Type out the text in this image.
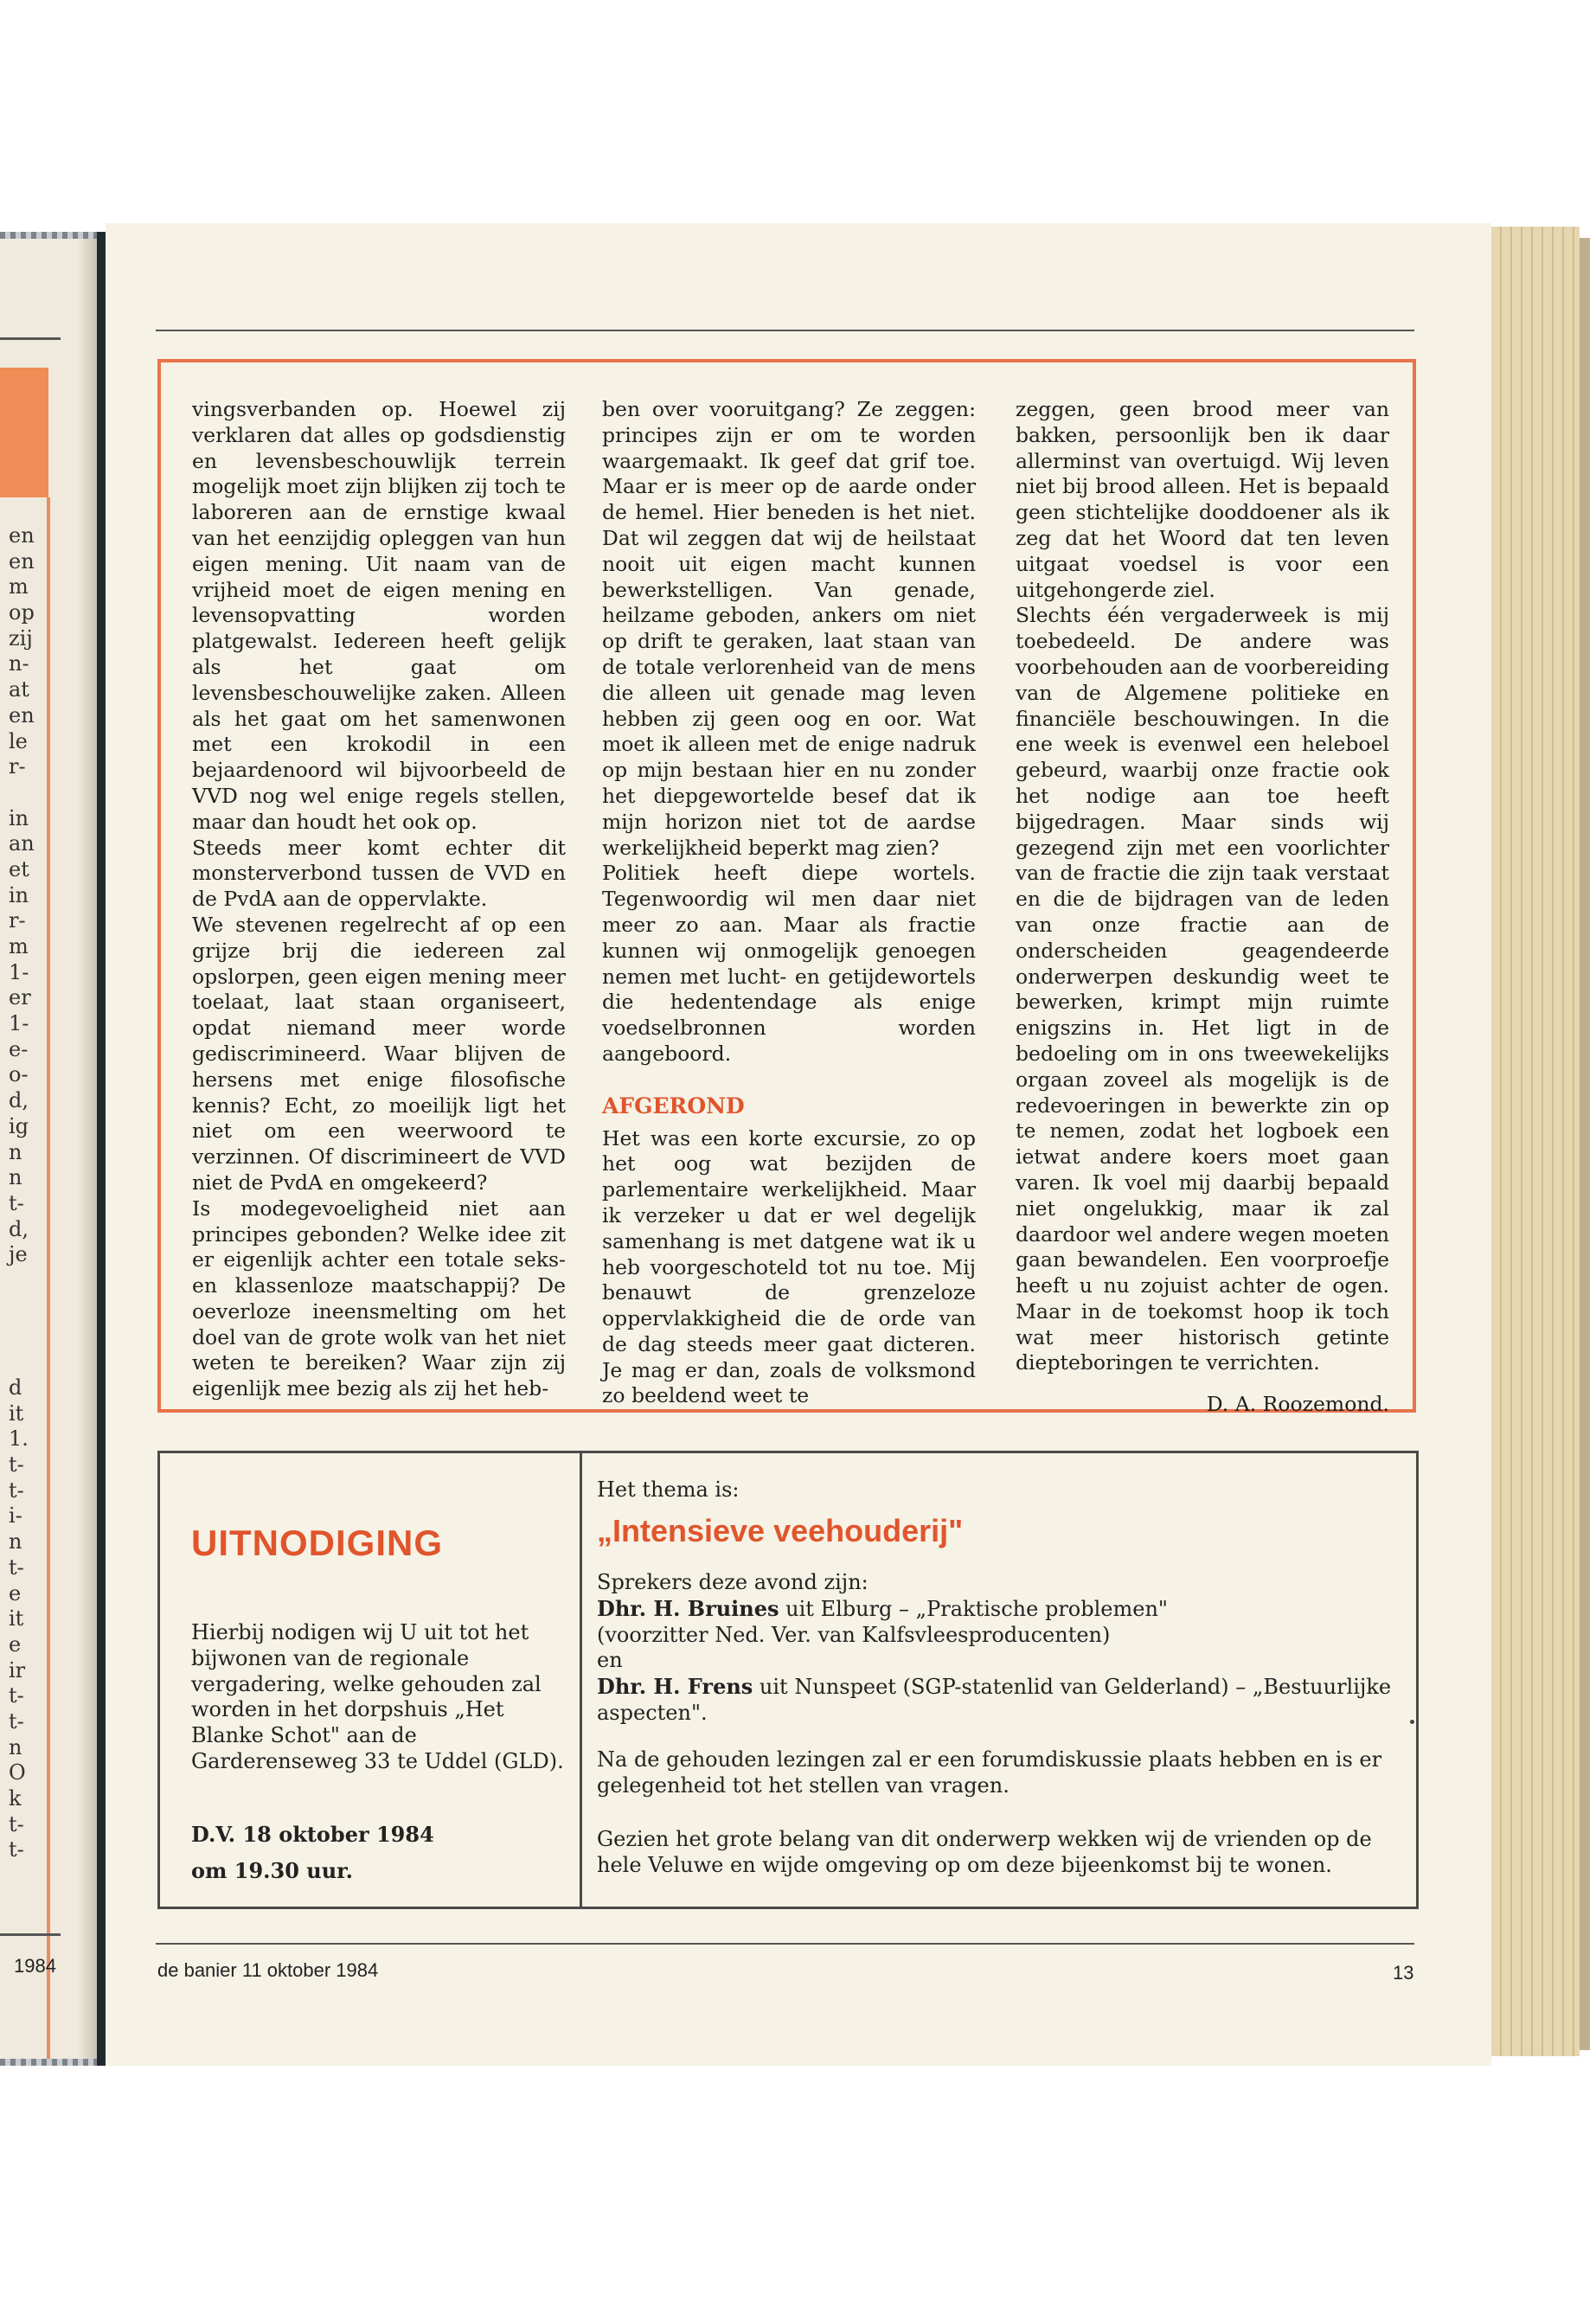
en
en
m
op
zij
n-
at
en
le
r-
in
an
et
in
r-
m
1-
er
1-
e-
o-
d,
ig
n
n
t-
d,
je
d
it
1.
t-
t-
i-
n
t-
e
it
e
ir
t-
t-
n
O
k
t-
t-
1984

vingsverbanden op. Hoewel zij verklaren dat alles op godsdienstig en levensbeschouwlijk terrein mogelijk moet zijn blijken zij toch te laboreren aan de ernstige kwaal van het eenzijdig opleggen van hun eigen mening. Uit naam van de vrijheid moet de eigen mening en levensopvatting worden platgewalst. Iedereen heeft gelijk als het gaat om levensbeschouwelijke zaken. Alleen als het gaat om het samenwonen met een krokodil in een bejaardenoord wil bijvoorbeeld de VVD nog wel enige regels stellen, maar dan houdt het ook op.

Steeds meer komt echter dit monsterverbond tussen de VVD en de PvdA aan de oppervlakte.

We stevenen regelrecht af op een grijze brij die iedereen zal opslorpen, geen eigen mening meer toelaat, laat staan organiseert, opdat niemand meer worde gediscrimineerd. Waar blijven de hersens met enige filosofische kennis? Echt, zo moeilijk ligt het niet om een weerwoord te verzinnen. Of discrimineert de VVD niet de PvdA en omgekeerd?

Is modegevoeligheid niet aan principes gebonden? Welke idee zit er eigenlijk achter een totale seks- en klassenloze maatschappij? De oeverloze ineensmelting om het doel van de grote wolk van het niet weten te bereiken? Waar zijn zij eigenlijk mee bezig als zij het heb-

ben over vooruitgang? Ze zeggen: principes zijn er om te worden waargemaakt. Ik geef dat grif toe. Maar er is meer op de aarde onder de hemel. Hier beneden is het niet. Dat wil zeggen dat wij de heilstaat nooit uit eigen macht kunnen bewerkstelligen. Van genade, heilzame geboden, ankers om niet op drift te geraken, laat staan van de totale verlorenheid van de mens die alleen uit genade mag leven hebben zij geen oog en oor. Wat moet ik alleen met de enige nadruk op mijn bestaan hier en nu zonder het diepgewortelde besef dat ik mijn horizon niet tot de aardse werkelijkheid beperkt mag zien?

Politiek heeft diepe wortels. Tegenwoordig wil men daar niet meer zo aan. Maar als fractie kunnen wij onmogelijk genoegen nemen met lucht- en getijdewortels die hedentendage als enige voedselbronnen worden aangeboord.

AFGEROND

Het was een korte excursie, zo op het oog wat bezijden de parlementaire werkelijkheid. Maar ik verzeker u dat er wel degelijk samenhang is met datgene wat ik u heb voorgeschoteld tot nu toe. Mij benauwt de grenzeloze oppervlakkigheid die de orde van de dag steeds meer gaat dicteren. Je mag er dan, zoals de volksmond zo beeldend weet te

zeggen, geen brood meer van bakken, persoonlijk ben ik daar allerminst van overtuigd. Wij leven niet bij brood alleen. Het is bepaald geen stichtelijke dooddoener als ik zeg dat het Woord dat ten leven uitgaat voedsel is voor een uitgehongerde ziel.

Slechts één vergaderweek is mij toebedeeld. De andere was voorbehouden aan de voorbereiding van de Algemene politieke en financiële beschouwingen. In die ene week is evenwel een heleboel gebeurd, waarbij onze fractie ook het nodige aan toe heeft bijgedragen. Maar sinds wij gezegend zijn met een voorlichter van de fractie die zijn taak verstaat en die de bijdragen van de leden van onze fractie aan de onderscheiden geagendeerde onderwerpen deskundig weet te bewerken, krimpt mijn ruimte enigszins in. Het ligt in de bedoeling om in ons tweewekelijks orgaan zoveel als mogelijk is de redevoeringen in bewerkte zin op te nemen, zodat het logboek een ietwat andere koers moet gaan varen. Ik voel mij daarbij bepaald niet ongelukkig, maar ik zal daardoor wel andere wegen moeten gaan bewandelen. Een voorproefje heeft u nu zojuist achter de ogen. Maar in de toekomst hoop ik toch wat meer historisch getinte diepteboringen te verrichten.

D. A. Roozemond.
UITNODIGING
Hierbij nodigen wij U uit tot het bijwonen van de regionale vergadering, welke gehouden zal worden in het dorpshuis „Het Blanke Schot" aan de Garderenseweg 33 te Uddel (GLD).
D.V. 18 oktober 1984
om 19.30 uur.
Het thema is:
„Intensieve veehouderij"
Sprekers deze avond zijn:
Dhr. H. Bruines uit Elburg – „Praktische problemen"
(voorzitter Ned. Ver. van Kalfsvleesproducenten)
en
Dhr. H. Frens uit Nunspeet (SGP-statenlid van Gelderland) – „Bestuurlijke aspecten".
Na de gehouden lezingen zal er een forumdiskussie plaats hebben en is er gelegenheid tot het stellen van vragen.
Gezien het grote belang van dit onderwerp wekken wij de vrienden op de hele Veluwe en wijde omgeving op om deze bijeenkomst bij te wonen.
de banier 11 oktober 1984	13
